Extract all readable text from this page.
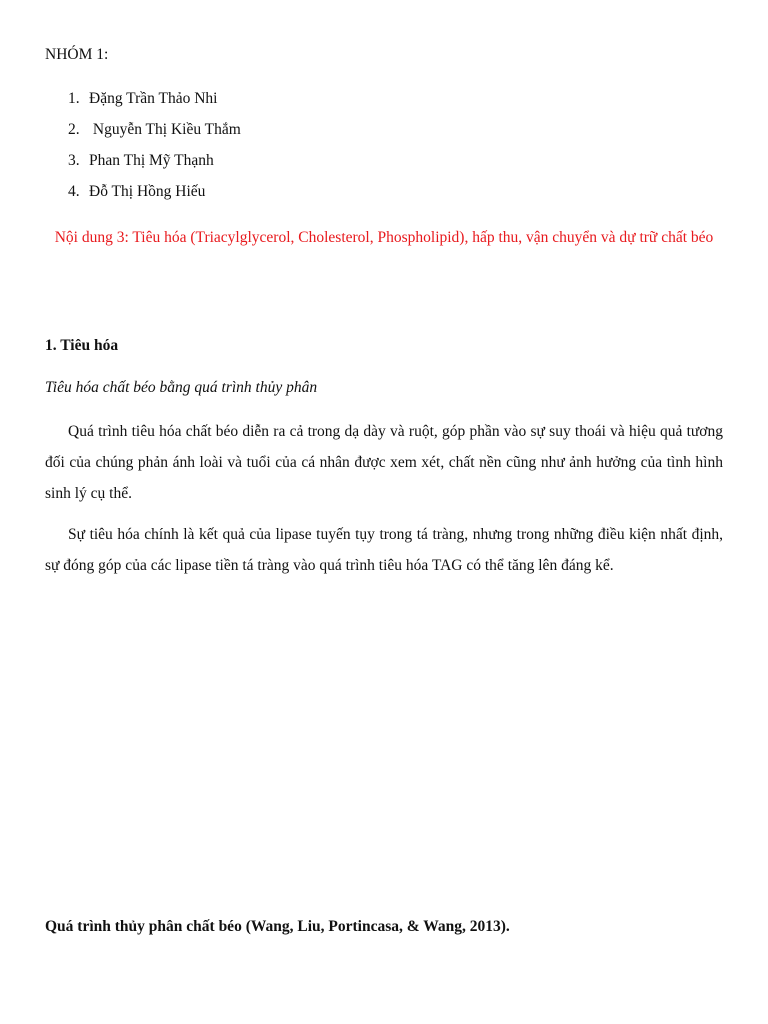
NHÓM 1:

1. Đặng Trần Thảo Nhi
2. Nguyễn Thị Kiều Thắm
3. Phan Thị Mỹ Thạnh
4. Đỗ Thị Hồng Hiếu

Nội dung 3: Tiêu hóa (Triacylglycerol, Cholesterol, Phospholipid), hấp thu, vận chuyển và dự trữ chất béo

1. Tiêu hóa

Tiêu hóa chất béo bằng quá trình thủy phân

Quá trình tiêu hóa chất béo diễn ra cả trong dạ dày và ruột, góp phần vào sự suy thoái và hiệu quả tương đối của chúng phản ánh loài và tuổi của cá nhân được xem xét, chất nền cũng như ảnh hưởng của tình hình sinh lý cụ thể.

Sự tiêu hóa chính là kết quả của lipase tuyến tụy trong tá tràng, nhưng trong những điều kiện nhất định, sự đóng góp của các lipase tiền tá tràng vào quá trình tiêu hóa TAG có thể tăng lên đáng kể.

Quá trình thủy phân chất béo (Wang, Liu, Portincasa, & Wang, 2013).
